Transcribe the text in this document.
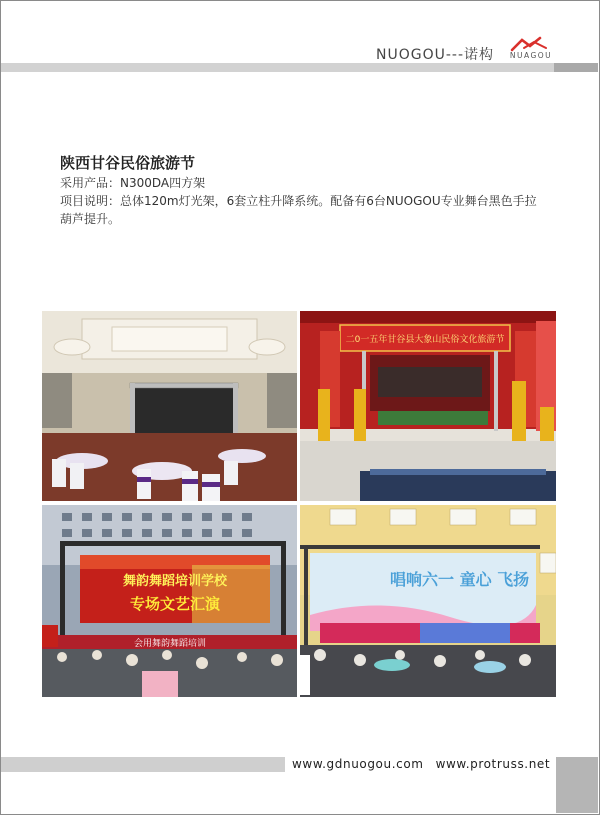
NUOGOU---诺构	NUAGOU
陕西甘谷民俗旅游节
采用产品：N300DA四方架
项目说明：总体120m灯光架，6套立柱升降系统。配备有6台NUOGOU专业舞台黑色手拉葫芦提升。
二0一五年甘谷县大象山民俗文化旅游节
舞韵舞蹈培训学校
专场文艺汇演
会用舞韵舞蹈培训
唱响六一 童心 飞扬
www.gdnuogou.com www.protruss.net
